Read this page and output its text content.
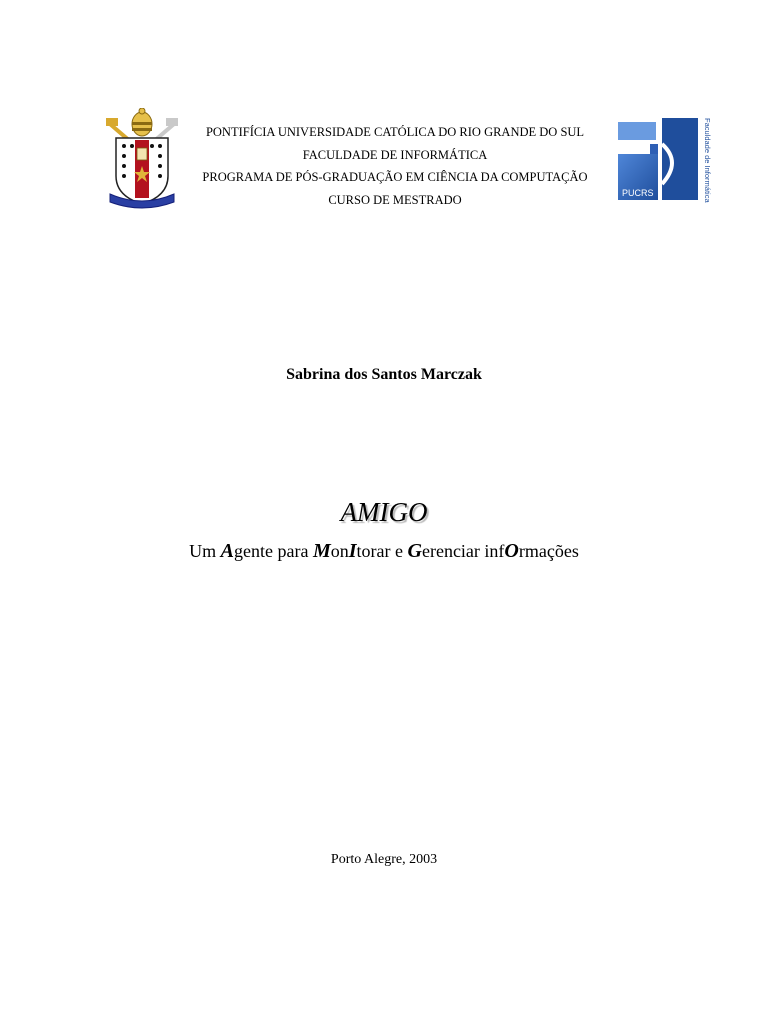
PONTIFÍCIA UNIVERSIDADE CATÓLICA DO RIO GRANDE DO SUL
FACULDADE DE INFORMÁTICA
PROGRAMA DE PÓS-GRADUAÇÃO EM CIÊNCIA DA COMPUTAÇÃO
CURSO DE MESTRADO	PUCRS	Faculdade de Informática
Sabrina dos Santos Marczak
AMIGO
Um Agente para MonItorar e Gerenciar infOrmações
Porto Alegre, 2003
